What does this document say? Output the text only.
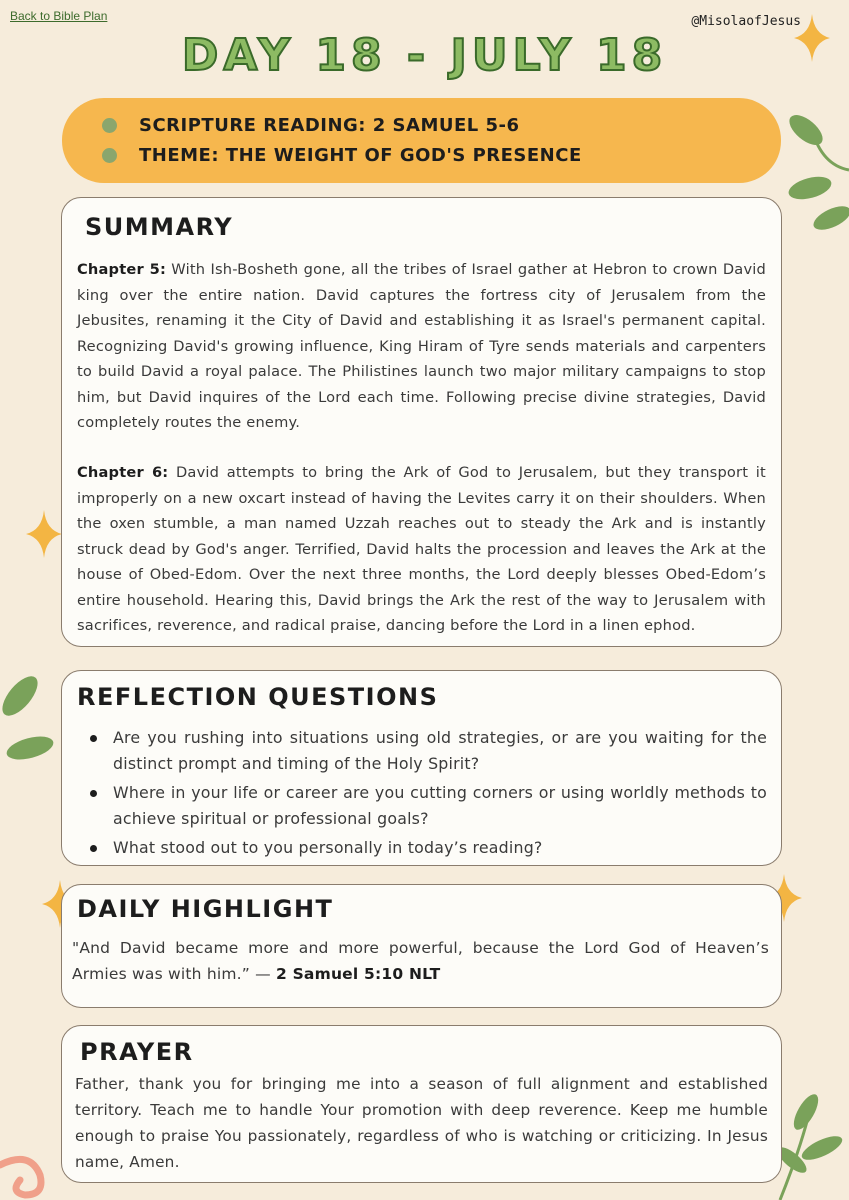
Back to Bible Plan	@MisolaofJesus
DAY 18 - JULY 18
SCRIPTURE READING: 2 SAMUEL 5-6
THEME: THE WEIGHT OF GOD'S PRESENCE
SUMMARY

Chapter 5: With Ish-Bosheth gone, all the tribes of Israel gather at Hebron to crown David king over the entire nation. David captures the fortress city of Jerusalem from the Jebusites, renaming it the City of David and establishing it as Israel's permanent capital. Recognizing David's growing influence, King Hiram of Tyre sends materials and carpenters to build David a royal palace. The Philistines launch two major military campaigns to stop him, but David inquires of the Lord each time. Following precise divine strategies, David completely routes the enemy.

Chapter 6: David attempts to bring the Ark of God to Jerusalem, but they transport it improperly on a new oxcart instead of having the Levites carry it on their shoulders. When the oxen stumble, a man named Uzzah reaches out to steady the Ark and is instantly struck dead by God's anger. Terrified, David halts the procession and leaves the Ark at the house of Obed-Edom. Over the next three months, the Lord deeply blesses Obed-Edom’s entire household. Hearing this, David brings the Ark the rest of the way to Jerusalem with sacrifices, reverence, and radical praise, dancing before the Lord in a linen ephod.

REFLECTION QUESTIONS
Are you rushing into situations using old strategies, or are you waiting for the distinct prompt and timing of the Holy Spirit?
Where in your life or career are you cutting corners or using worldly methods to achieve spiritual or professional goals?
What stood out to you personally in today’s reading?
DAILY HIGHLIGHT

"And David became more and more powerful, because the Lord God of Heaven’s Armies was with him.” — 2 Samuel 5:10 NLT

PRAYER

Father, thank you for bringing me into a season of full alignment and established territory. Teach me to handle Your promotion with deep reverence. Keep me humble enough to praise You passionately, regardless of who is watching or criticizing. In Jesus name, Amen.
